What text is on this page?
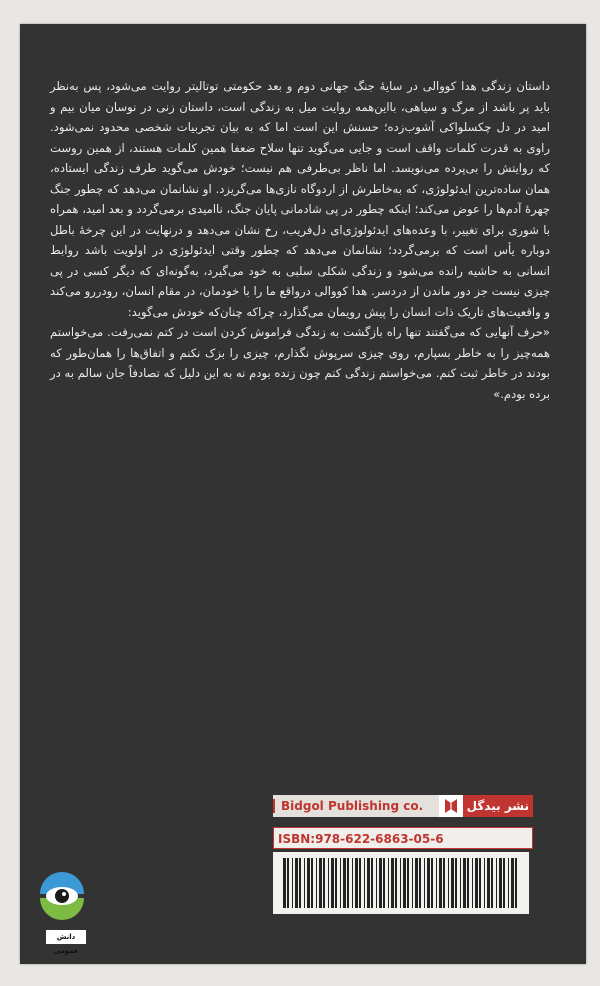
داستان زندگی هدا کووالی در سایهٔ جنگ جهانی دوم و بعد حکومتی توتالیتر روایت می‌شود، پس به‌نظر باید پر باشد از مرگ و سیاهی، با‌این‌همه روایت میل به زندگی است، داستان زنی در نوسان میان بیم و امید در دل چکسلواکی آشوب‌زده؛ حسنش این است اما که به بیان تجربیات شخصی محدود نمی‌شود. راوی به قدرت کلمات واقف است و جایی می‌گوید تنها سلاح ضعفا همین کلمات هستند، از همین روست که روایتش را بی‌پرده می‌نویسد. اما ناظر بی‌طرفی هم نیست؛ خودش می‌گوید طرف زندگی ایستاده، همان ساده‌ترین ایدئولوژی، که به‌خاطرش از اردوگاه نازی‌ها می‌گریزد. او نشانمان می‌دهد که چطور جنگ چهرهٔ آدم‌ها را عوض می‌کند؛ اینکه چطور در پی شادمانی پایان جنگ، ناامیدی برمی‌گردد و بعد امید، همراه با شوری برای تغییر، با وعده‌های ایدئولوژی‌ای دل‌فریب، رخ نشان می‌دهد و درنهایت در این چرخهٔ باطل دوباره یأس است که برمی‌گردد؛ نشانمان می‌دهد که چطور وقتی ایدئولوژی در اولویت باشد روابط انسانی به حاشیه رانده می‌شود و زندگی شکلی سلبی به خود می‌گیرد، به‌گونه‌ای که دیگر کسی در پی چیزی نیست جز دور ماندن از دردسر. هدا کووالی درواقع ما را با خودمان، در مقام انسان، رودررو می‌کند و واقعیت‌های تاریک ذات انسان را پیش رویمان می‌گذارد، چراکه چنان‌که خودش می‌گوید:

«حرف آنهایی که می‌گفتند تنها راه بازگشت به زندگی فراموش کردن است در کتم نمی‌رفت. می‌خواستم همه‌چیز را به خاطر بسپارم، روی چیزی سرپوش نگذارم، چیزی را بزک نکنم و اتفاق‌ها را همان‌طور که بودند در خاطر ثبت کنم. می‌خواستم زندگی کنم چون زنده بودم نه به این دلیل که تصادفاً جان سالم به در برده بودم.»

Bidgol Publishing co.	نشر بیدگل
ISBN:978-622-6863-05-6
دانش عمومی
